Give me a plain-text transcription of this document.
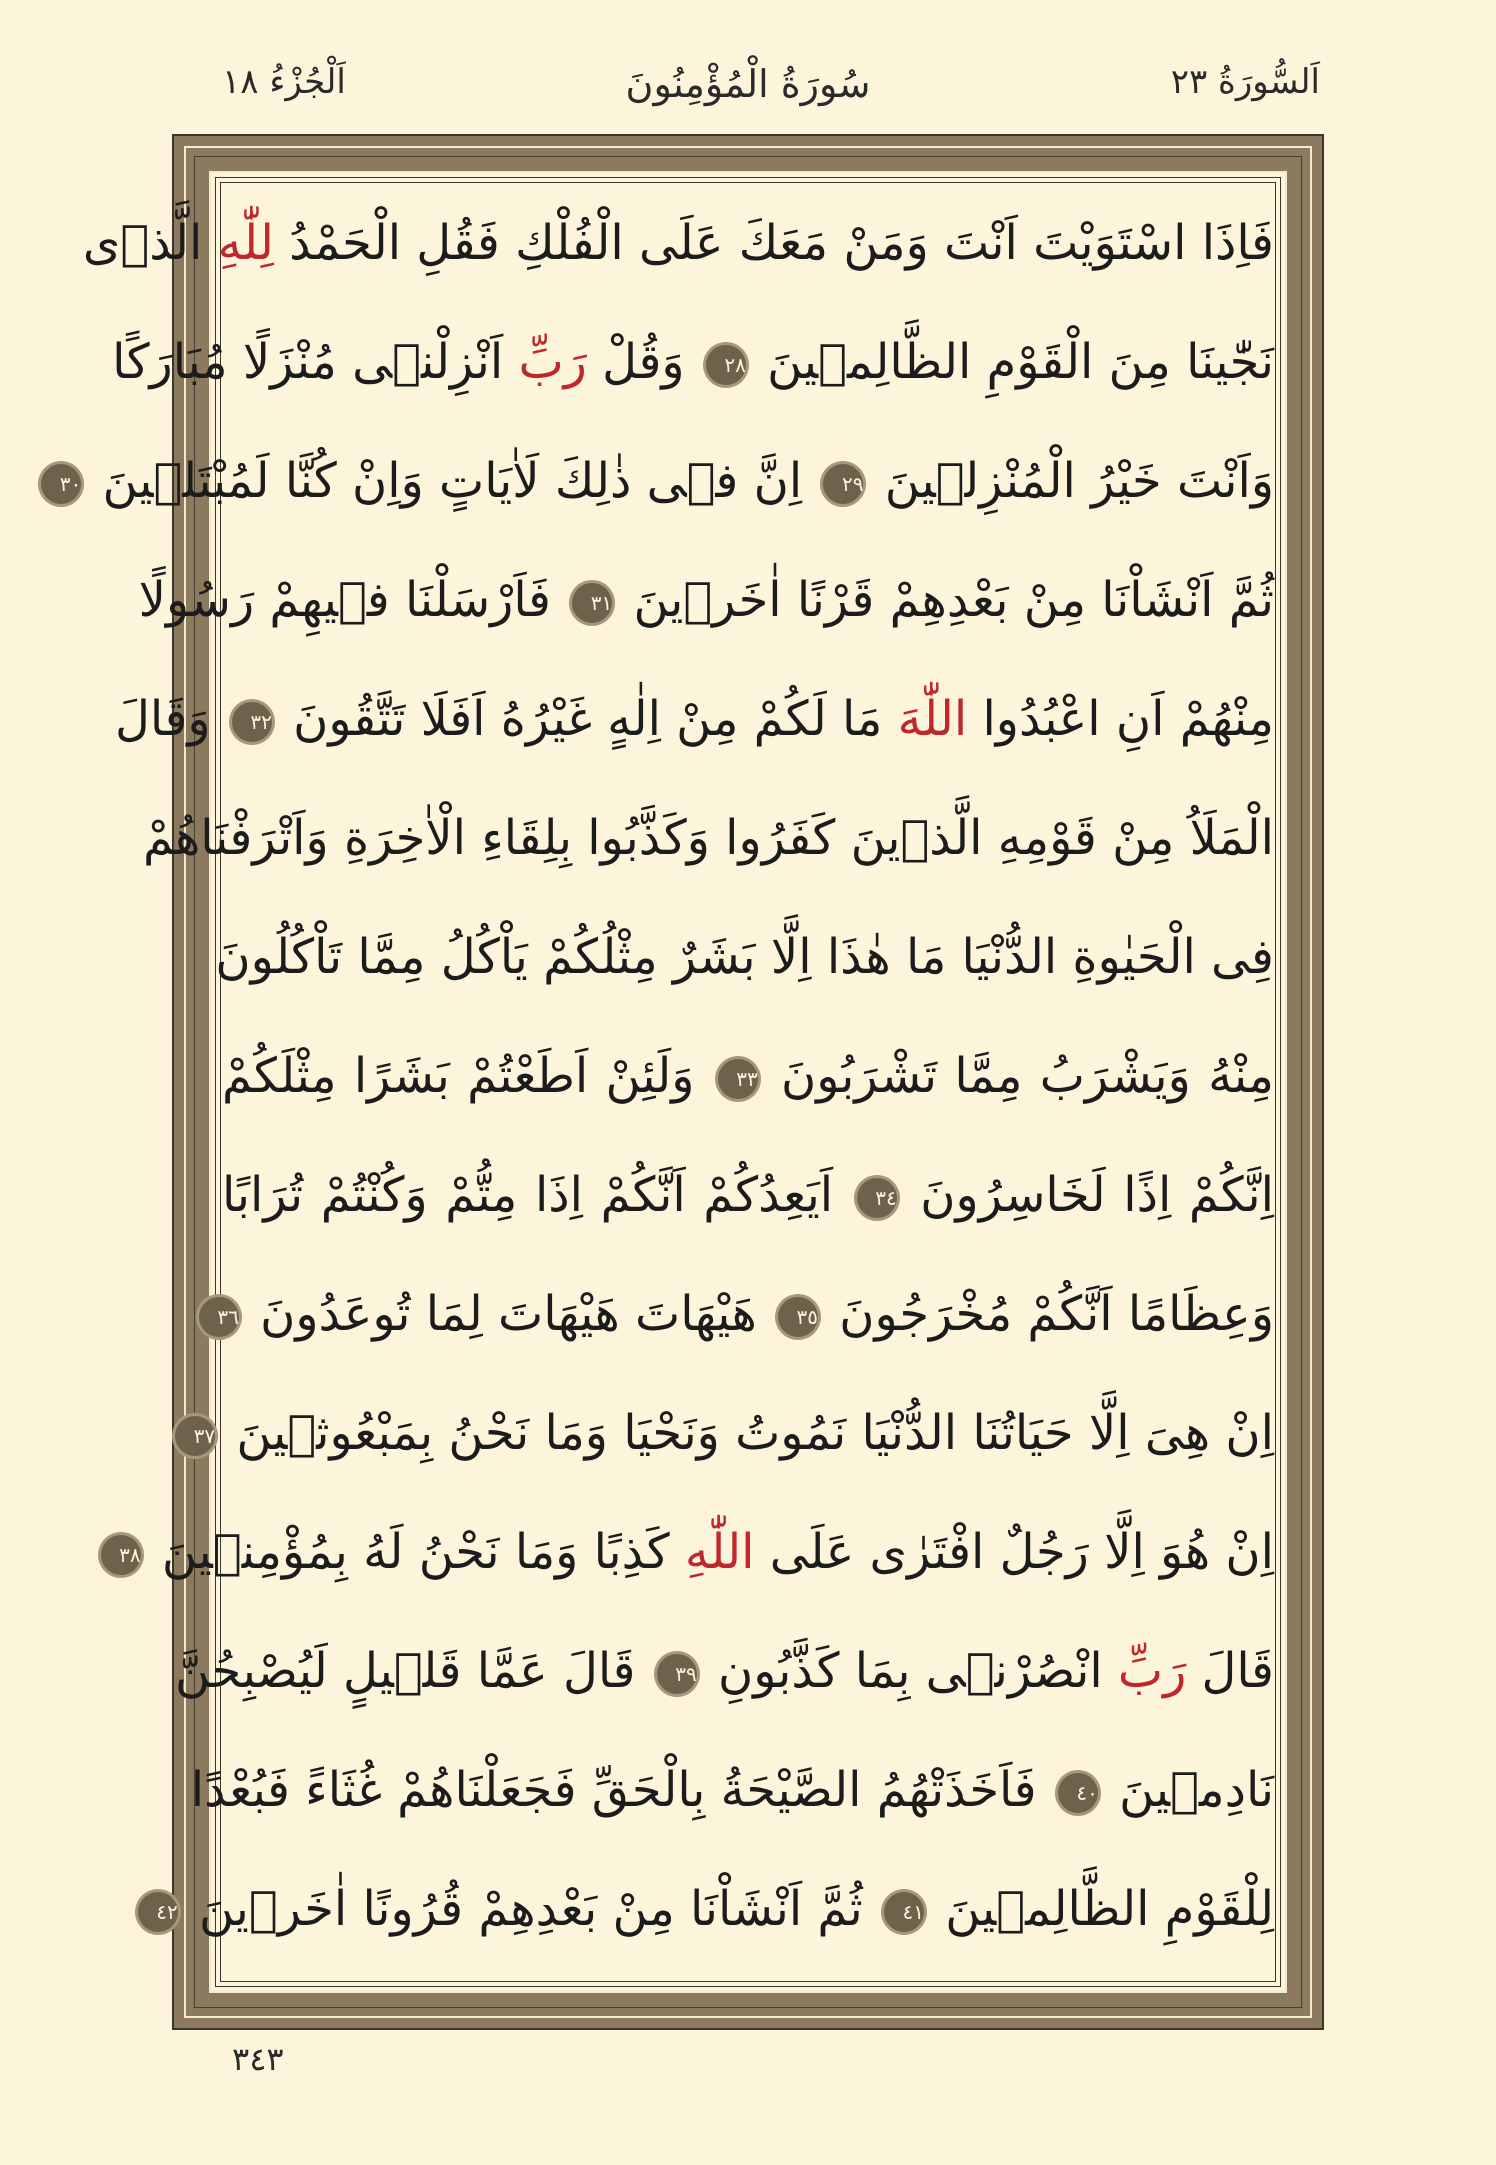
اَلْجُزْءُ ١٨	سُورَةُ الْمُؤْمِنُونَ	اَلسُّورَةُ ٢٣
فَاِذَا اسْتَوَيْتَ اَنْتَ وَمَنْ مَعَكَ عَلَى الْفُلْكِ فَقُلِ الْحَمْدُ لِلّٰهِ الَّذٖى
نَجّٰينَا مِنَ الْقَوْمِ الظَّالِمٖينَ ٢٨ وَقُلْ رَبِّ اَنْزِلْنٖى مُنْزَلًا مُبَارَكًا
وَاَنْتَ خَيْرُ الْمُنْزِلٖينَ ٢٩ اِنَّ فٖى ذٰلِكَ لَاٰيَاتٍ وَاِنْ كُنَّا لَمُبْتَلٖينَ ٣٠
ثُمَّ اَنْشَاْنَا مِنْ بَعْدِهِمْ قَرْنًا اٰخَرٖينَ ٣١ فَاَرْسَلْنَا فٖيهِمْ رَسُولًا
مِنْهُمْ اَنِ اعْبُدُوا اللّٰهَ مَا لَكُمْ مِنْ اِلٰهٍ غَيْرُهُ اَفَلَا تَتَّقُونَ ٣٢ وَقَالَ
الْمَلَاُ مِنْ قَوْمِهِ الَّذٖينَ كَفَرُوا وَكَذَّبُوا بِلِقَاءِ الْاٰخِرَةِ وَاَتْرَفْنَاهُمْ
فِى الْحَيٰوةِ الدُّنْيَا مَا هٰذَا اِلَّا بَشَرٌ مِثْلُكُمْ يَاْكُلُ مِمَّا تَاْكُلُونَ
مِنْهُ وَيَشْرَبُ مِمَّا تَشْرَبُونَ ٣٣ وَلَئِنْ اَطَعْتُمْ بَشَرًا مِثْلَكُمْ
اِنَّكُمْ اِذًا لَخَاسِرُونَ ٣٤ اَيَعِدُكُمْ اَنَّكُمْ اِذَا مِتُّمْ وَكُنْتُمْ تُرَابًا
وَعِظَامًا اَنَّكُمْ مُخْرَجُونَ ٣٥ هَيْهَاتَ هَيْهَاتَ لِمَا تُوعَدُونَ ٣٦
اِنْ هِىَ اِلَّا حَيَاتُنَا الدُّنْيَا نَمُوتُ وَنَحْيَا وَمَا نَحْنُ بِمَبْعُوثٖينَ ٣٧
اِنْ هُوَ اِلَّا رَجُلٌ افْتَرٰى عَلَى اللّٰهِ كَذِبًا وَمَا نَحْنُ لَهُ بِمُؤْمِنٖينَ ٣٨
قَالَ رَبِّ انْصُرْنٖى بِمَا كَذَّبُونِ ٣٩ قَالَ عَمَّا قَلٖيلٍ لَيُصْبِحُنَّ
نَادِمٖينَ ٤٠ فَاَخَذَتْهُمُ الصَّيْحَةُ بِالْحَقِّ فَجَعَلْنَاهُمْ غُثَاءً فَبُعْدًا
لِلْقَوْمِ الظَّالِمٖينَ ٤١ ثُمَّ اَنْشَاْنَا مِنْ بَعْدِهِمْ قُرُونًا اٰخَرٖينَ ٤٢
٣٤٣
